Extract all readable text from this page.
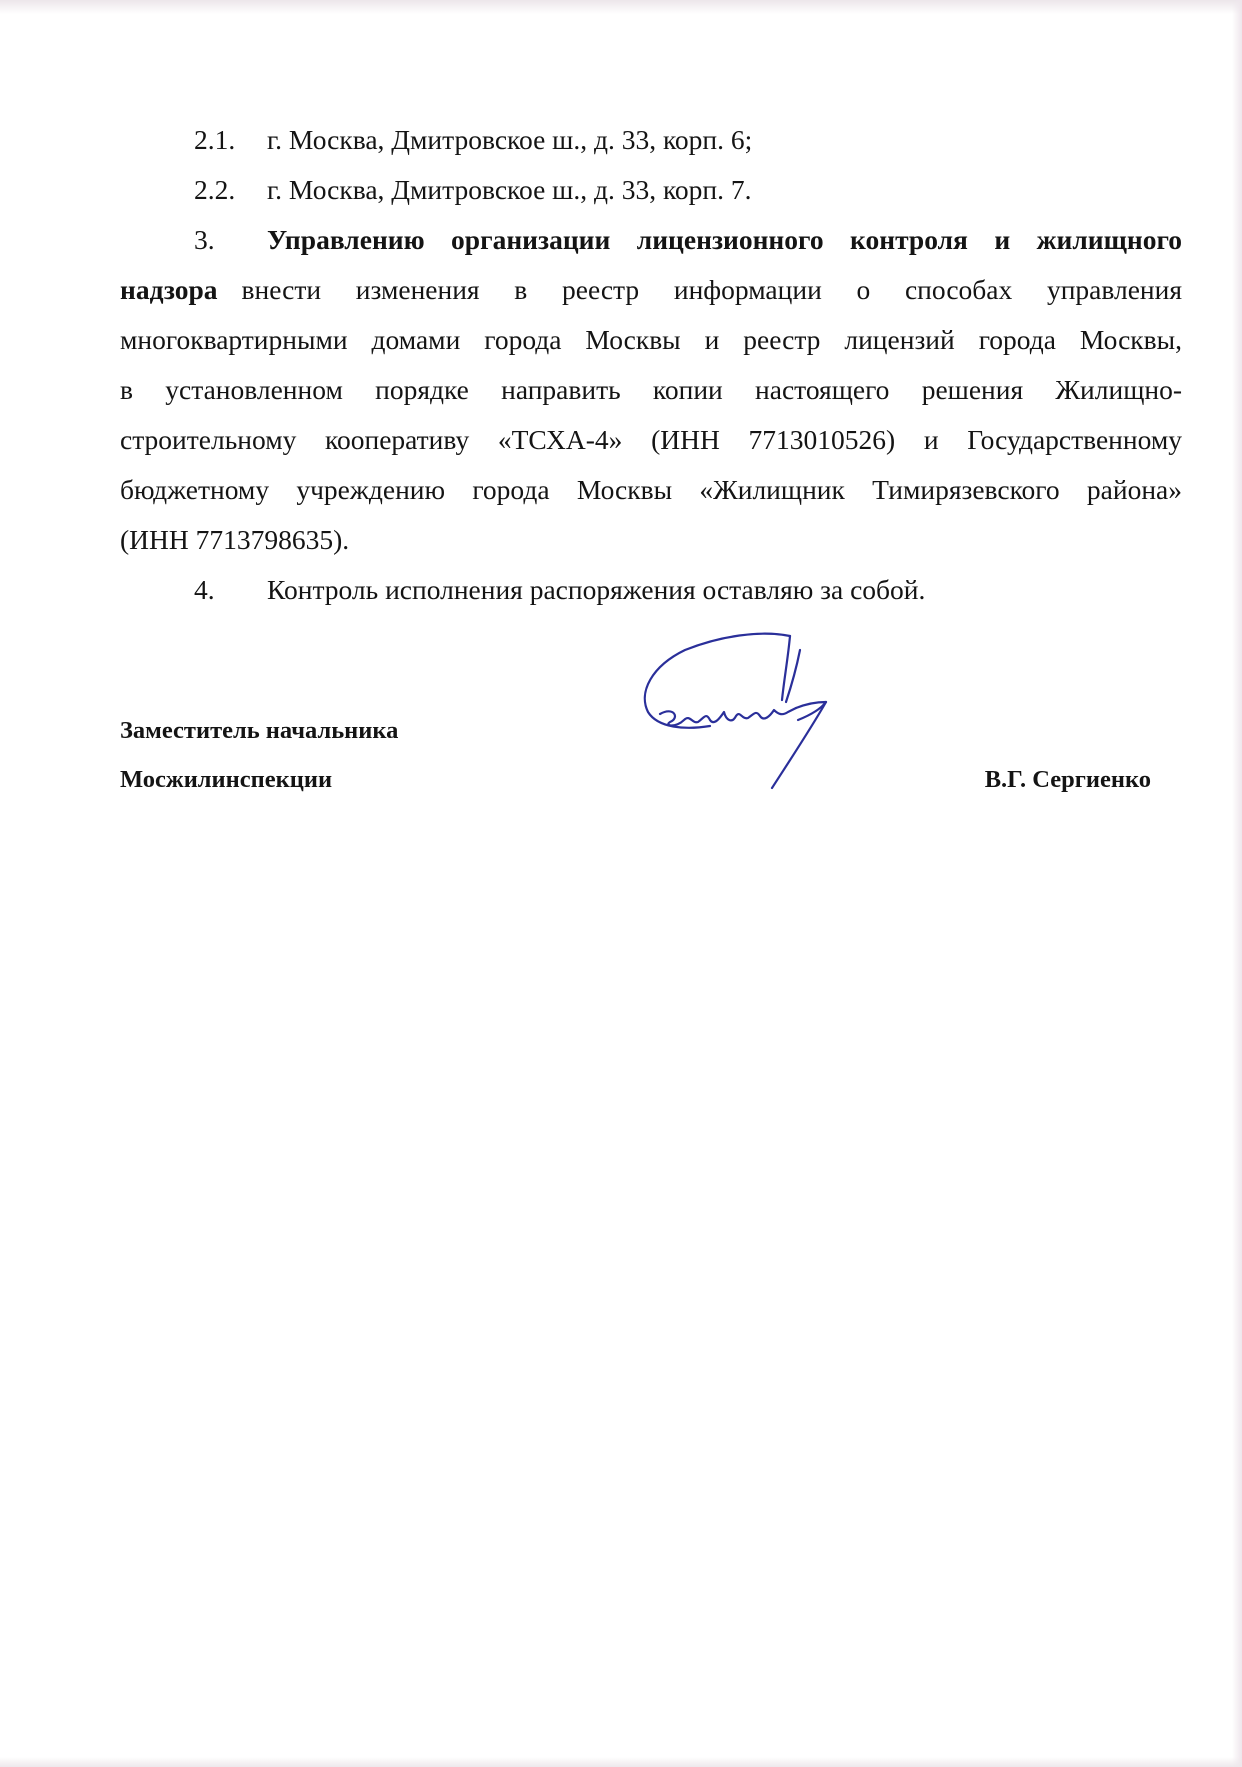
2.1. г. Москва, Дмитровское ш., д. 33, корп. 6;
2.2. г. Москва, Дмитровское ш., д. 33, корп. 7.
3. Управлению организации лицензионного контроля и жилищного
надзора внести изменения в реестр информации о способах управления
многоквартирными домами города Москвы и реестр лицензий города Москвы,
в установленном порядке направить копии настоящего решения Жилищно-
строительному кооперативу «ТСХА-4» (ИНН 7713010526) и Государственному
бюджетному учреждению города Москвы «Жилищник Тимирязевского района»
(ИНН 7713798635).
4. Контроль исполнения распоряжения оставляю за собой.
Заместитель начальника
Мосжилинспекции	В.Г. Сергиенко
